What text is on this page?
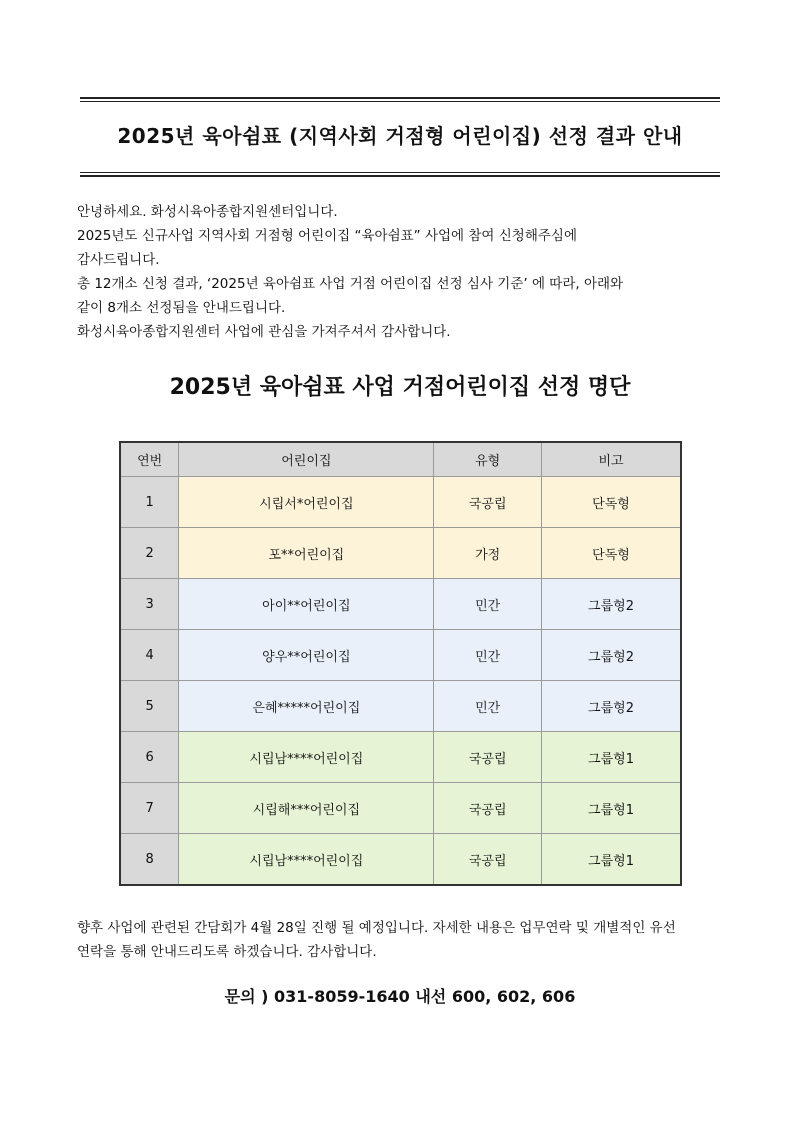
2025년 육아쉼표 (지역사회 거점형 어린이집) 선정 결과 안내
안녕하세요. 화성시육아종합지원센터입니다.
2025년도 신규사업 지역사회 거점형 어린이집 “육아쉼표” 사업에 참여 신청해주심에
감사드립니다.
총 12개소 신청 결과, ‘2025년 육아쉼표 사업 거점 어린이집 선정 심사 기준’ 에 따라, 아래와
같이 8개소 선정됨을 안내드립니다.
화성시육아종합지원센터 사업에 관심을 가져주셔서 감사합니다.
2025년 육아쉼표 사업 거점어린이집 선정 명단
연번	어린이집	유형	비고
1	시립서*어린이집	국공립	단독형
2	포**어린이집	가정	단독형
3	아이**어린이집	민간	그룹형2
4	양우**어린이집	민간	그룹형2
5	은혜*****어린이집	민간	그룹형2
6	시립남****어린이집	국공립	그룹형1
7	시립해***어린이집	국공립	그룹형1
8	시립남****어린이집	국공립	그룹형1
향후 사업에 관련된 간담회가 4월 28일 진행 될 예정입니다. 자세한 내용은 업무연락 및 개별적인 유선
연락을 통해 안내드리도록 하겠습니다. 감사합니다.
문의 ) 031-8059-1640 내선 600, 602, 606
